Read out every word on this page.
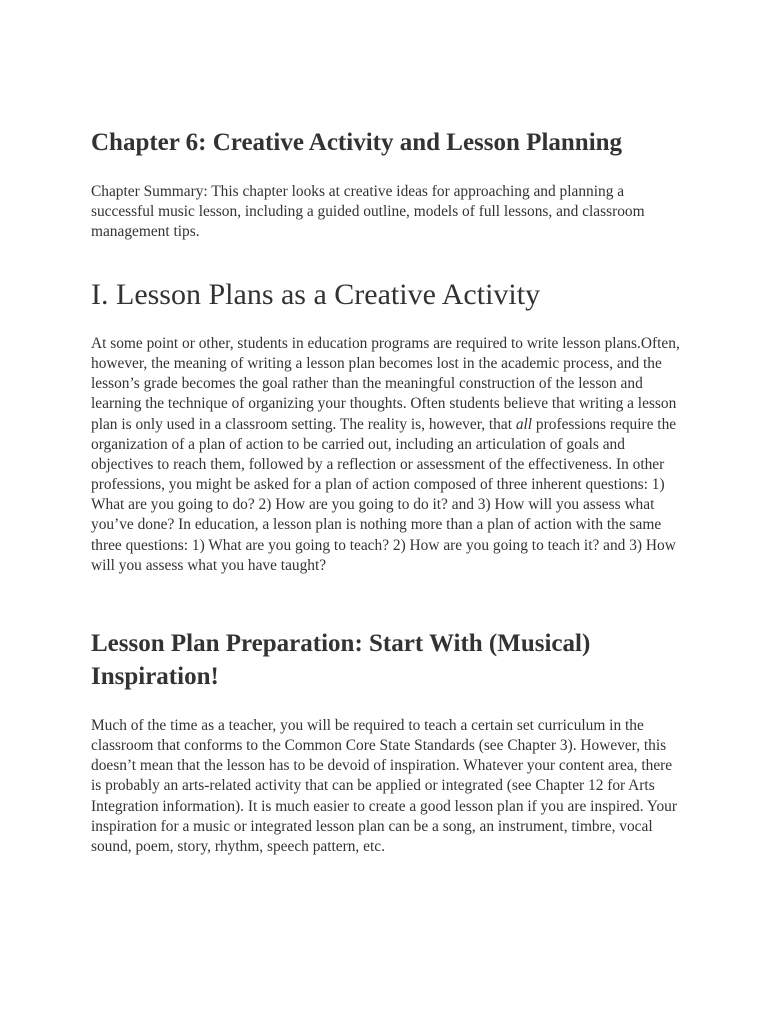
Chapter 6: Creative Activity and Lesson Planning

Chapter Summary: This chapter looks at creative ideas for approaching and planning a successful music lesson, including a guided outline, models of full lessons, and classroom management tips.

I. Lesson Plans as a Creative Activity

At some point or other, students in education programs are required to write lesson plans.Often, however, the meaning of writing a lesson plan becomes lost in the academic process, and the lesson’s grade becomes the goal rather than the meaningful construction of the lesson and learning the technique of organizing your thoughts. Often students believe that writing a lesson plan is only used in a classroom setting. The reality is, however, that all professions require the organization of a plan of action to be carried out, including an articulation of goals and objectives to reach them, followed by a reflection or assessment of the effectiveness. In other professions, you might be asked for a plan of action composed of three inherent questions: 1) What are you going to do? 2) How are you going to do it? and 3) How will you assess what you’ve done? In education, a lesson plan is nothing more than a plan of action with the same three questions: 1) What are you going to teach? 2) How are you going to teach it? and 3) How will you assess what you have taught?

Lesson Plan Preparation: Start With (Musical) Inspiration!

Much of the time as a teacher, you will be required to teach a certain set curriculum in the classroom that conforms to the Common Core State Standards (see Chapter 3). However, this doesn’t mean that the lesson has to be devoid of inspiration. Whatever your content area, there is probably an arts-related activity that can be applied or integrated (see Chapter 12 for Arts Integration information). It is much easier to create a good lesson plan if you are inspired. Your inspiration for a music or integrated lesson plan can be a song, an instrument, timbre, vocal sound, poem, story, rhythm, speech pattern, etc.
